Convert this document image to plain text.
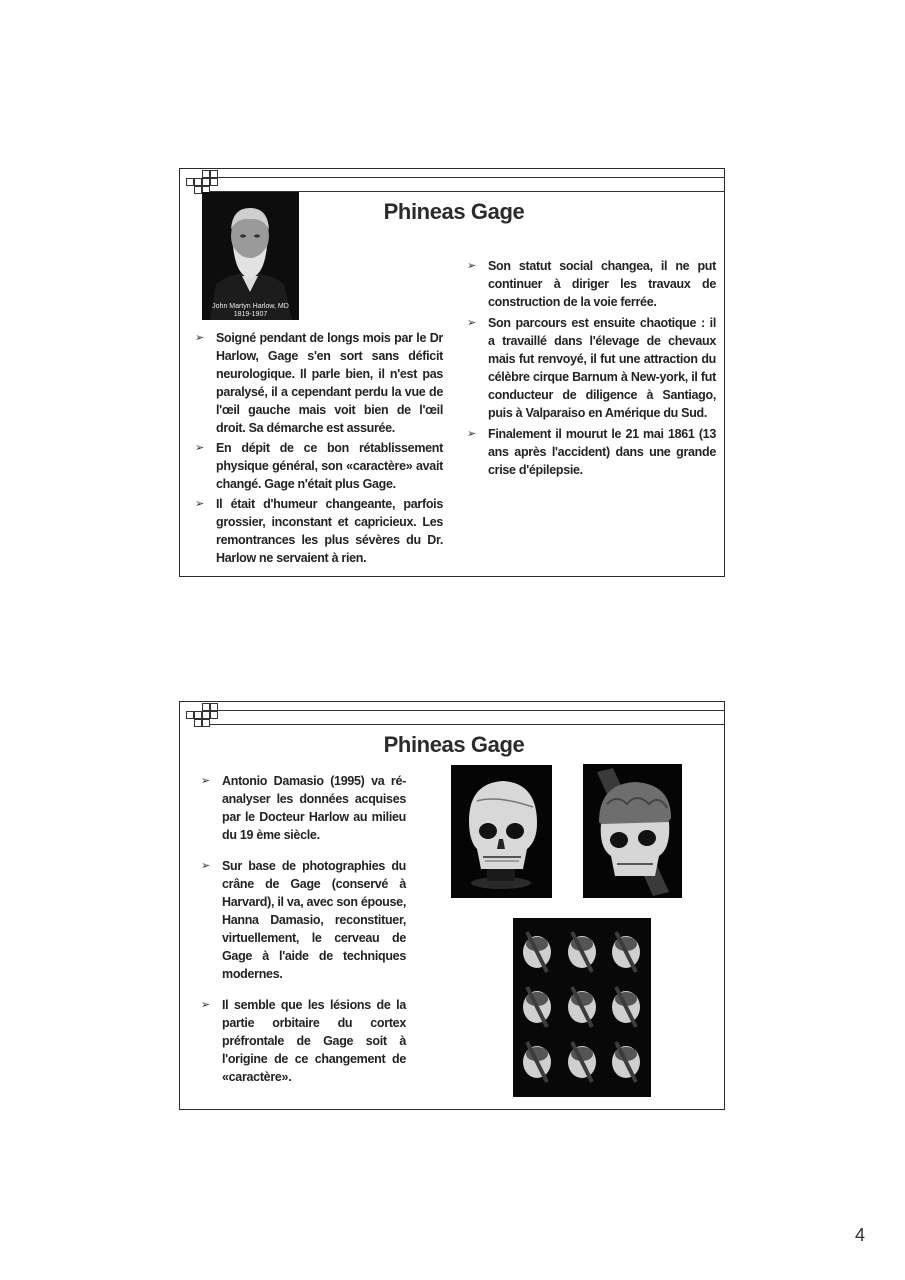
John Martyn Harlow, MD
1819-1907
Phineas Gage
➢ Soigné pendant de longs mois par le Dr Harlow, Gage s'en sort sans déficit neurologique. Il parle bien, il n'est pas paralysé, il a cependant perdu la vue de l'œil gauche mais voit bien de l'œil droit. Sa démarche est assurée.
➢ En dépit de ce bon rétablissement physique général, son «caractère» avait changé. Gage n'était plus Gage.
➢ Il était d'humeur changeante, parfois grossier, inconstant et capricieux. Les remontrances les plus sévères du Dr. Harlow ne servaient à rien.
➢ Son statut social changea, il ne put continuer à diriger les travaux de construction de la voie ferrée.
➢ Son parcours est ensuite chaotique : il a travaillé dans l'élevage de chevaux mais fut renvoyé, il fut une attraction du célèbre cirque Barnum à New-york, il fut conducteur de diligence à Santiago, puis à Valparaiso en Amérique du Sud.
➢ Finalement il mourut le 21 mai 1861 (13 ans après l'accident) dans une grande crise d'épilepsie.
Phineas Gage
➢ Antonio Damasio (1995) va ré-analyser les données acquises par le Docteur Harlow au milieu du 19 ème siècle.
➢ Sur base de photographies du crâne de Gage (conservé à Harvard), il va, avec son épouse, Hanna Damasio, reconstituer, virtuellement, le cerveau de Gage à l'aide de techniques modernes.
➢ Il semble que les lésions de la partie orbitaire du cortex préfrontale de Gage soit à l'origine de ce changement de «caractère».
4
